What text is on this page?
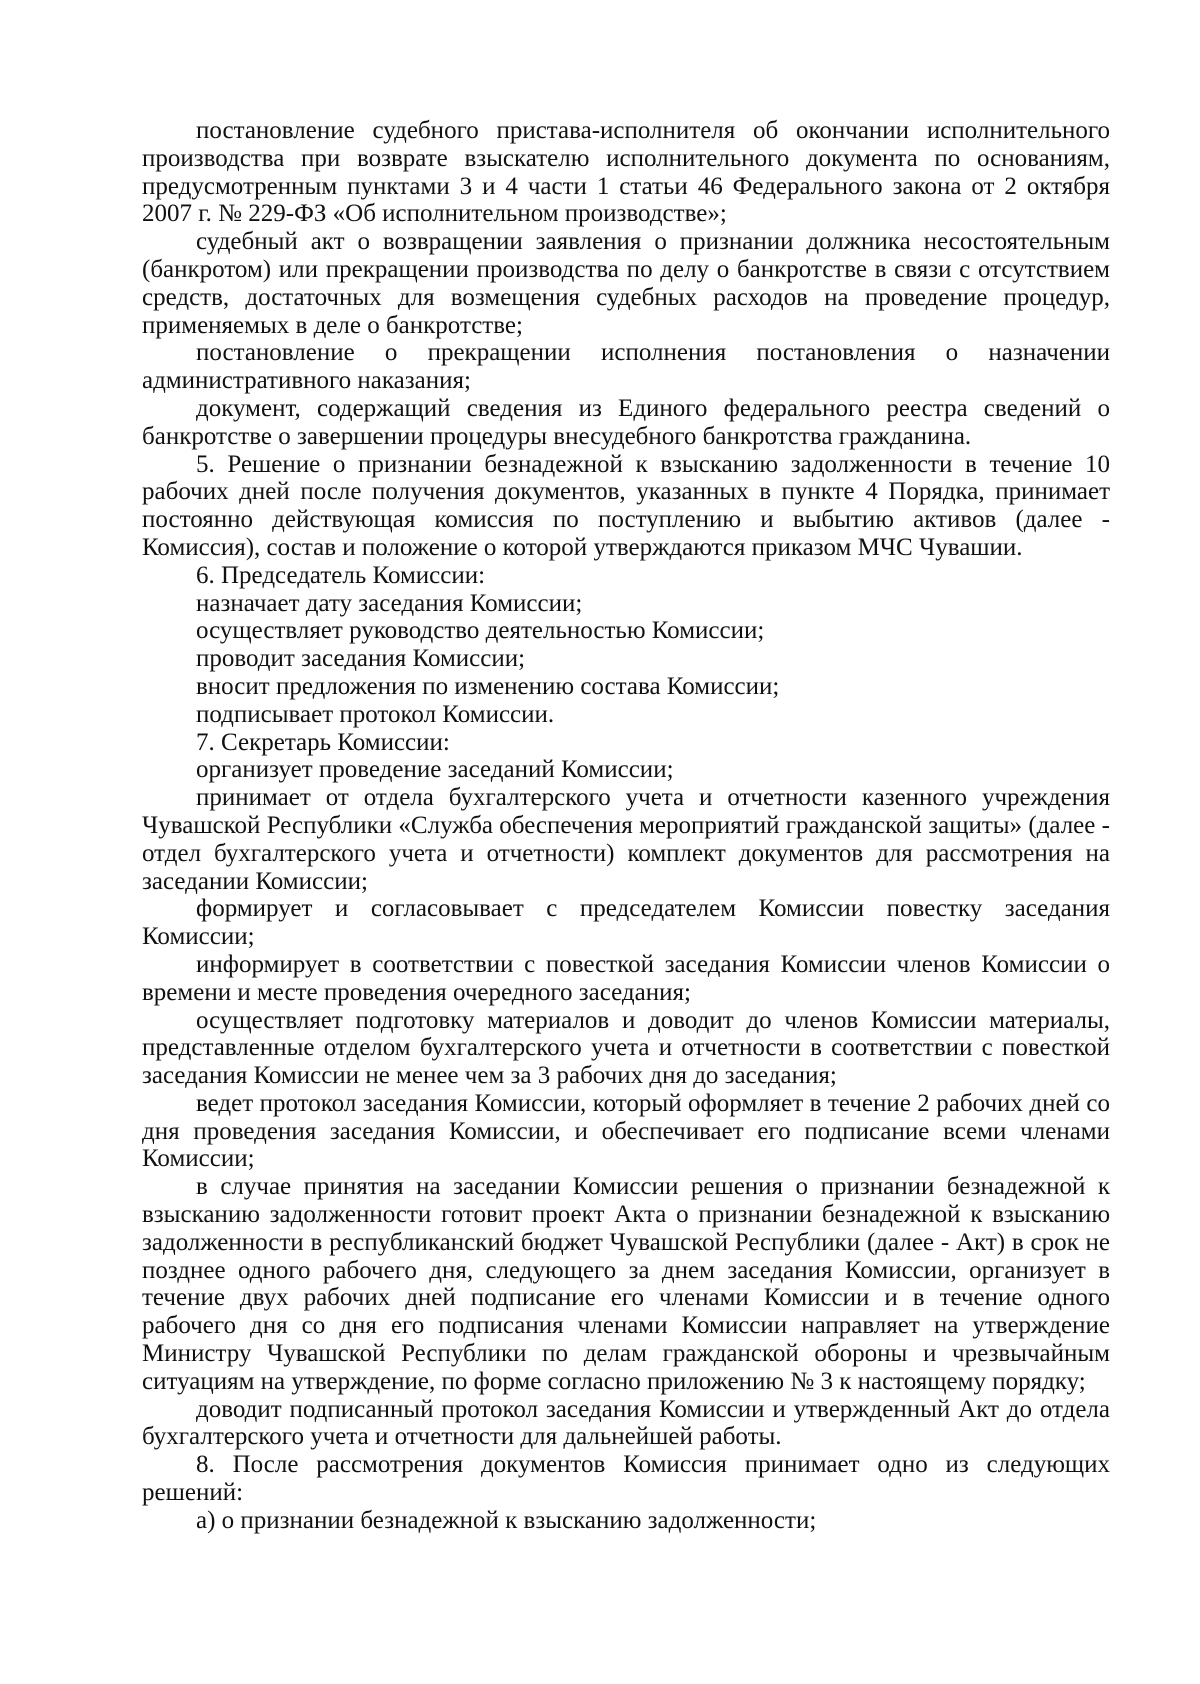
постановление судебного пристава-исполнителя об окончании исполнительного производства при возврате взыскателю исполнительного документа по основаниям, предусмотренным пунктами 3 и 4 части 1 статьи 46 Федерального закона от 2 октября 2007 г. № 229-ФЗ «Об исполнительном производстве»;

судебный акт о возвращении заявления о признании должника несостоятельным (банкротом) или прекращении производства по делу о банкротстве в связи с отсутствием средств, достаточных для возмещения судебных расходов на проведение процедур, применяемых в деле о банкротстве;

постановление о прекращении исполнения постановления о назначении административного наказания;

документ, содержащий сведения из Единого федерального реестра сведений о банкротстве о завершении процедуры внесудебного банкротства гражданина.

5. Решение о признании безнадежной к взысканию задолженности в течение 10 рабочих дней после получения документов, указанных в пункте 4 Порядка, принимает постоянно действующая комиссия по поступлению и выбытию активов (далее - Комиссия), состав и положение о которой утверждаются приказом МЧС Чувашии.

6. Председатель Комиссии:

назначает дату заседания Комиссии;

осуществляет руководство деятельностью Комиссии;

проводит заседания Комиссии;

вносит предложения по изменению состава Комиссии;

подписывает протокол Комиссии.

7. Секретарь Комиссии:

организует проведение заседаний Комиссии;

принимает от отдела бухгалтерского учета и отчетности казенного учреждения Чувашской Республики «Служба обеспечения мероприятий гражданской защиты» (далее - отдел бухгалтерского учета и отчетности) комплект документов для рассмотрения на заседании Комиссии;

формирует и согласовывает с председателем Комиссии повестку заседания Комиссии;

информирует в соответствии с повесткой заседания Комиссии членов Комиссии о времени и месте проведения очередного заседания;

осуществляет подготовку материалов и доводит до членов Комиссии материалы, представленные отделом бухгалтерского учета и отчетности в соответствии с повесткой заседания Комиссии не менее чем за 3 рабочих дня до заседания;

ведет протокол заседания Комиссии, который оформляет в течение 2 рабочих дней со дня проведения заседания Комиссии, и обеспечивает его подписание всеми членами Комиссии;

в случае принятия на заседании Комиссии решения о признании безнадежной к взысканию задолженности готовит проект Акта о признании безнадежной к взысканию задолженности в республиканский бюджет Чувашской Республики (далее - Акт) в срок не позднее одного рабочего дня, следующего за днем заседания Комиссии, организует в течение двух рабочих дней подписание его членами Комиссии и в течение одного рабочего дня со дня его подписания членами Комиссии направляет на утверждение Министру Чувашской Республики по делам гражданской обороны и чрезвычайным ситуациям на утверждение, по форме согласно приложению № 3 к настоящему порядку;

доводит подписанный протокол заседания Комиссии и утвержденный Акт до отдела бухгалтерского учета и отчетности для дальнейшей работы.

8. После рассмотрения документов Комиссия принимает одно из следующих решений:

а) о признании безнадежной к взысканию задолженности;
